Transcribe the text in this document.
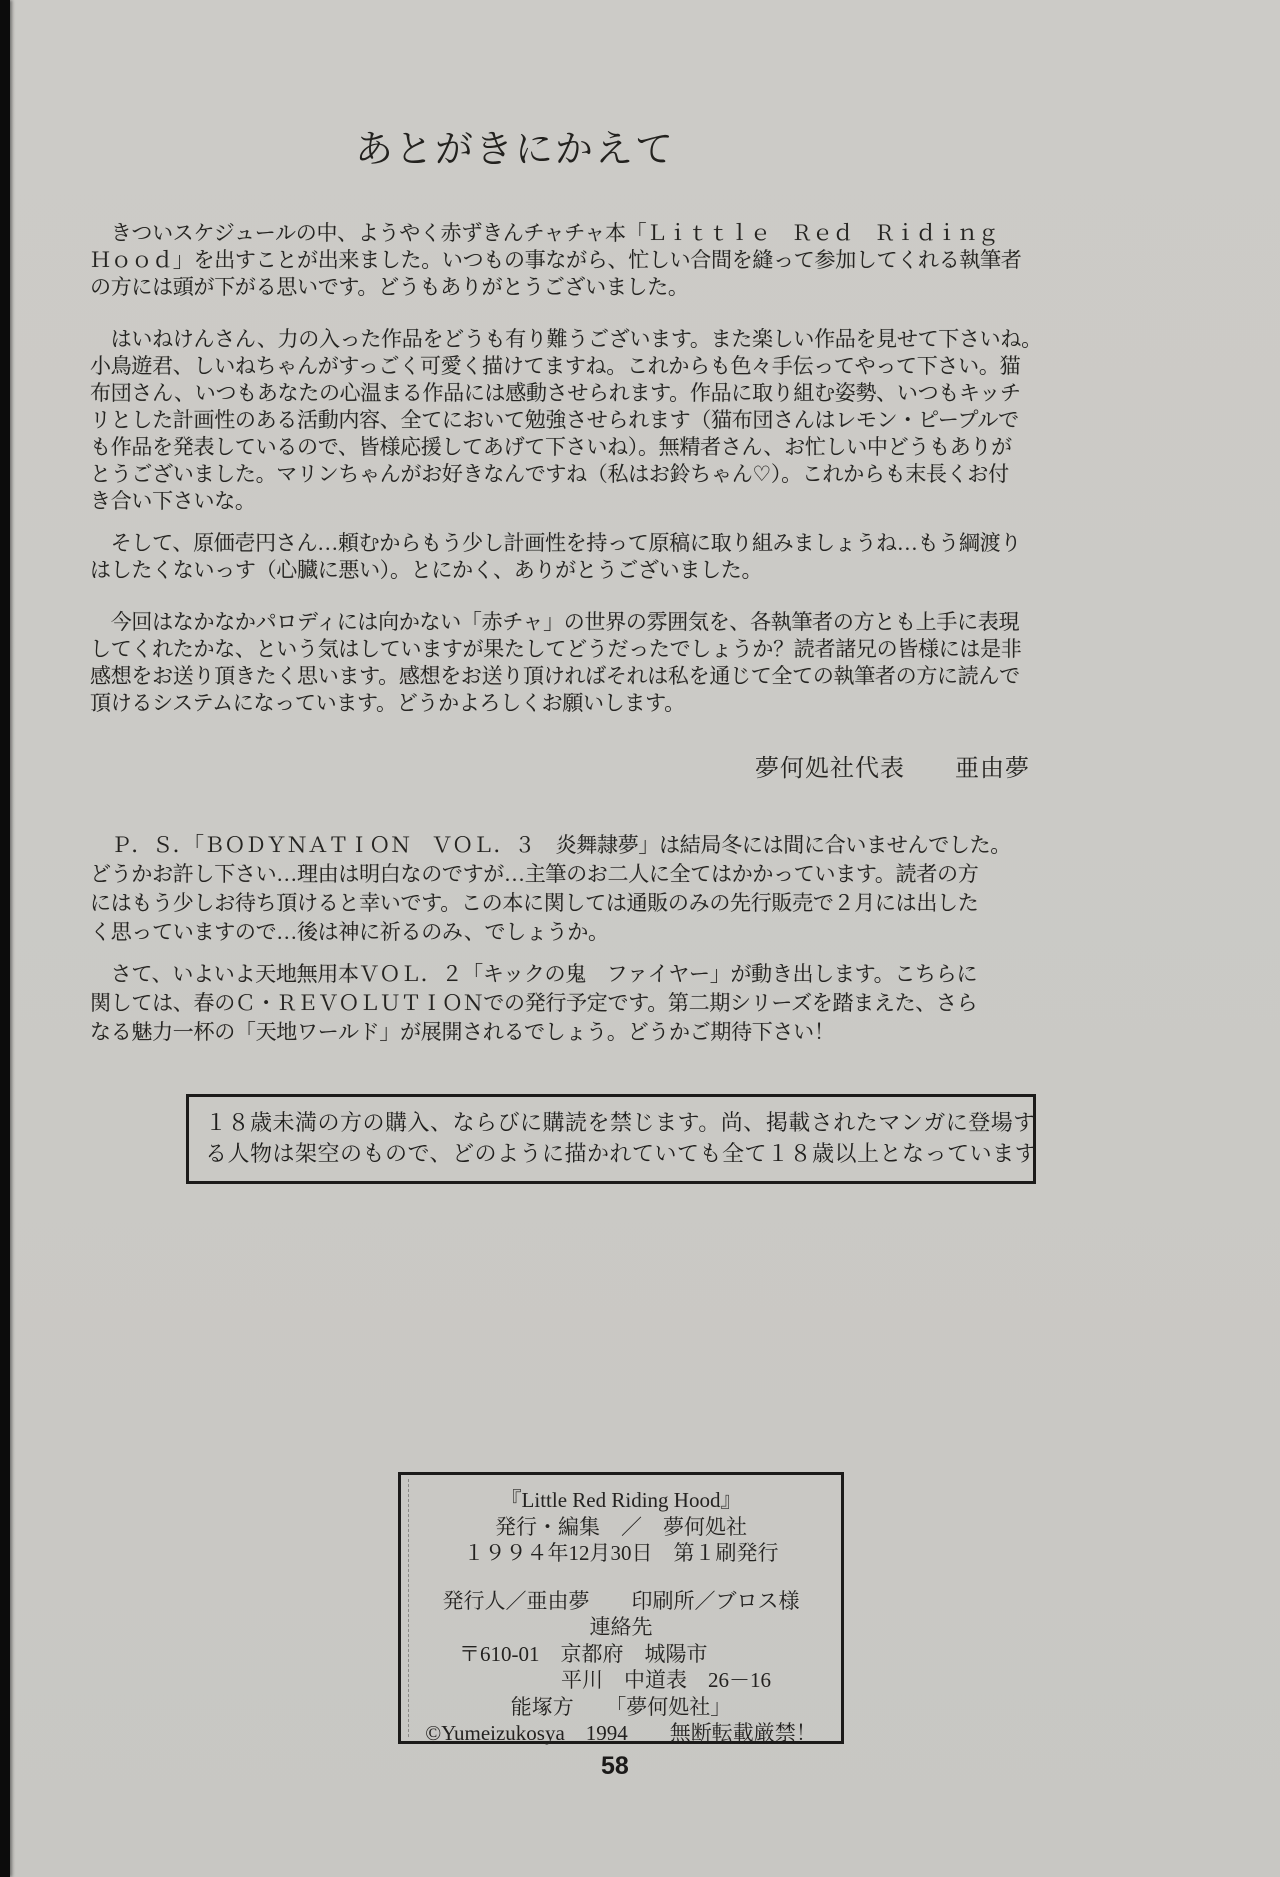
あとがきにかえて
　きついスケジュールの中、ようやく赤ずきんチャチャ本「Ｌｉｔｔｌｅ　Ｒｅｄ　Ｒｉｄｉｎｇ
Ｈｏｏｄ」を出すことが出来ました。いつもの事ながら、忙しい合間を縫って参加してくれる執筆者
の方には頭が下がる思いです。どうもありがとうございました。
　はいねけんさん、力の入った作品をどうも有り難うございます。また楽しい作品を見せて下さいね。
小鳥遊君、しいねちゃんがすっごく可愛く描けてますね。これからも色々手伝ってやって下さい。猫
布団さん、いつもあなたの心温まる作品には感動させられます。作品に取り組む姿勢、いつもキッチ
リとした計画性のある活動内容、全てにおいて勉強させられます（猫布団さんはレモン・ピープルで
も作品を発表しているので、皆様応援してあげて下さいね）。無精者さん、お忙しい中どうもありが
とうございました。マリンちゃんがお好きなんですね（私はお鈴ちゃん♡）。これからも末長くお付
き合い下さいな。
　そして、原価壱円さん…頼むからもう少し計画性を持って原稿に取り組みましょうね…もう綱渡り
はしたくないっす（心臓に悪い）。とにかく、ありがとうございました。
　今回はなかなかパロディには向かない「赤チャ」の世界の雰囲気を、各執筆者の方とも上手に表現
してくれたかな、という気はしていますが果たしてどうだったでしょうか？読者諸兄の皆様には是非
感想をお送り頂きたく思います。感想をお送り頂ければそれは私を通じて全ての執筆者の方に読んで
頂けるシステムになっています。どうかよろしくお願いします。
夢何処社代表　　亜由夢
　Ｐ．Ｓ．「ＢＯＤＹＮＡＴＩＯＮ　ＶＯＬ．３　炎舞隷夢」は結局冬には間に合いませんでした。
どうかお許し下さい…理由は明白なのですが…主筆のお二人に全てはかかっています。読者の方
にはもう少しお待ち頂けると幸いです。この本に関しては通販のみの先行販売で２月には出した
く思っていますので…後は神に祈るのみ、でしょうか。
　さて、いよいよ天地無用本ＶＯＬ．２「キックの鬼　ファイヤー」が動き出します。こちらに
関しては、春のＣ・ＲＥＶＯＬＵＴＩＯＮでの発行予定です。第二期シリーズを踏まえた、さら
なる魅力一杯の「天地ワールド」が展開されるでしょう。どうかご期待下さい！
１８歳未満の方の購入、ならびに購読を禁じます。尚、掲載されたマンガに登場す
る人物は架空のもので、どのように描かれていても全て１８歳以上となっています
『Little Red Riding Hood』
発行・編集　／　夢何処社
１９９４年12月30日　第１刷発行
発行人／亜由夢　　印刷所／ブロス様
連絡先
〒610-01　京都府　城陽市
平川　中道表　26－16
能塚方　　「夢何処社」
©Yumeizukosya　1994　　無断転載厳禁！
58
